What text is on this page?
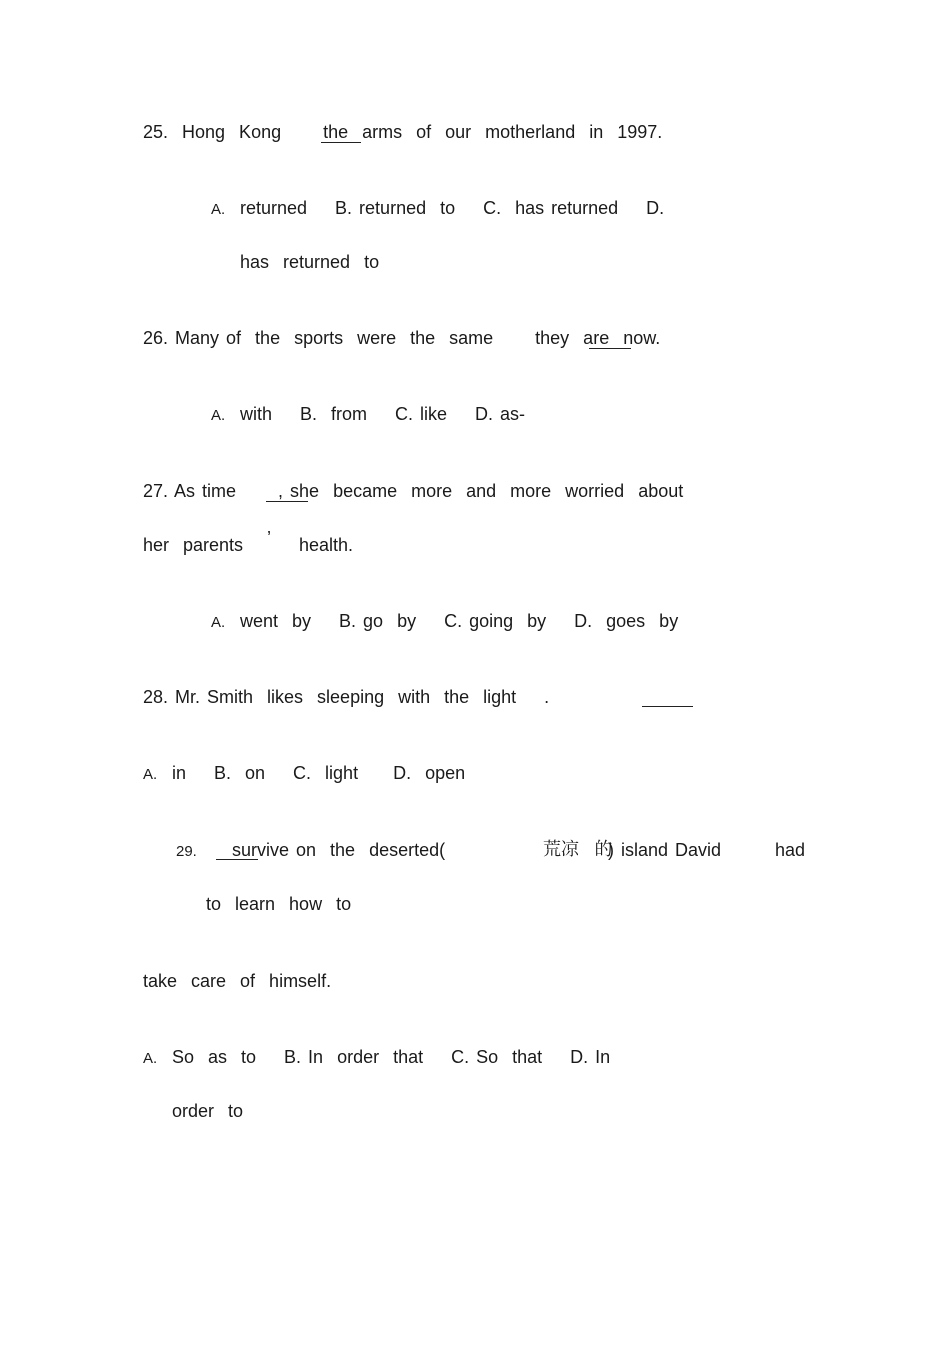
25.  Hong  Kong      the  arms  of  our  motherland  in  1997.
A. returned    B. returned  to    C.  has returned    D.
has  returned  to
26. Many of  the  sports  were  the  same      they  are  now.
A. with    B.  from    C. like    D. as-
27. As time      , she  became  more  and  more  worried  about
her  parents ’ health.
A. went  by    B. go  by    C. going  by    D.  goes  by
28. Mr. Smith  likes  sleeping  with  the  light    .
A. in    B.  on    C.  light     D.  open
29. survive on  the  deserted(	荒凉  的
) island David	had
to  learn  how  to
take  care  of  himself.
A. So  as  to    B. In  order  that    C. So  that    D. In
order  to
